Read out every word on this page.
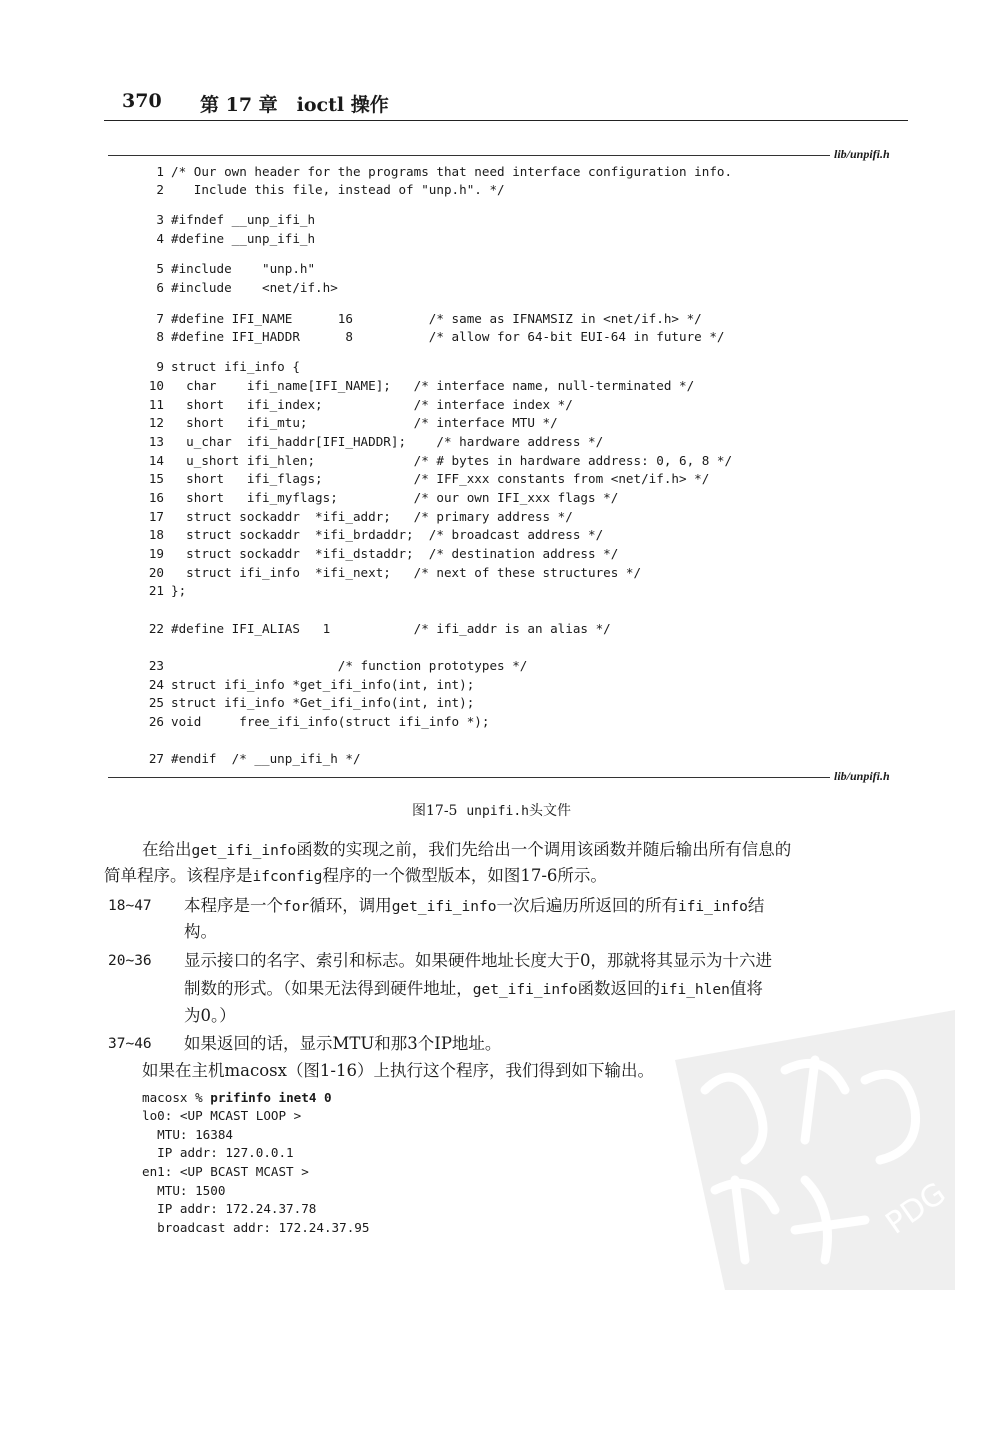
370 第 17 章　ioctl 操作
lib/unpifi.h
lib/unpifi.h
1 /* Our own header for the programs that need interface configuration info.
2 Include this file, instead of "unp.h". */
3 #ifndef __unp_ifi_h
4 #define __unp_ifi_h
5 #include    "unp.h"
6 #include    <net/if.h>
7 #define IFI_NAME      16          /* same as IFNAMSIZ in <net/if.h> */
8 #define IFI_HADDR      8          /* allow for 64-bit EUI-64 in future */
9 struct ifi_info {
10 char    ifi_name[IFI_NAME];   /* interface name, null-terminated */
11 short   ifi_index;            /* interface index */
12 short   ifi_mtu;              /* interface MTU */
13 u_char  ifi_haddr[IFI_HADDR];    /* hardware address */
14 u_short ifi_hlen;             /* # bytes in hardware address: 0, 6, 8 */
15 short   ifi_flags;            /* IFF_xxx constants from <net/if.h> */
16 short   ifi_myflags;          /* our own IFI_xxx flags */
17 struct sockaddr  *ifi_addr;   /* primary address */
18 struct sockaddr  *ifi_brdaddr;  /* broadcast address */
19 struct sockaddr  *ifi_dstaddr;  /* destination address */
20 struct ifi_info  *ifi_next;   /* next of these structures */
21 };
22 #define IFI_ALIAS   1           /* ifi_addr is an alias */
23 /* function prototypes */
24 struct ifi_info *get_ifi_info(int, int);
25 struct ifi_info *Get_ifi_info(int, int);
26 void     free_ifi_info(struct ifi_info *);
27 #endif  /* __unp_ifi_h */
图17-5 unpifi.h头文件
在给出get_ifi_info函数的实现之前，我们先给出一个调用该函数并随后输出所有信息的
简单程序。该程序是ifconfig程序的一个微型版本，如图17-6所示。
18~47 本程序是一个for循环，调用get_ifi_info一次后遍历所返回的所有ifi_info结
构。
20~36 显示接口的名字、索引和标志。如果硬件地址长度大于0，那就将其显示为十六进
制数的形式。（如果无法得到硬件地址，get_ifi_info函数返回的ifi_hlen值将
为0。）
37~46 如果返回的话，显示MTU和那3个IP地址。
如果在主机macosx（图1-16）上执行这个程序，我们得到如下输出。
macosx % prifinfo inet4 0
lo0: <UP MCAST LOOP >
MTU: 16384
IP addr: 127.0.0.1
en1: <UP BCAST MCAST >
MTU: 1500
IP addr: 172.24.37.78
broadcast addr: 172.24.37.95	PDG
